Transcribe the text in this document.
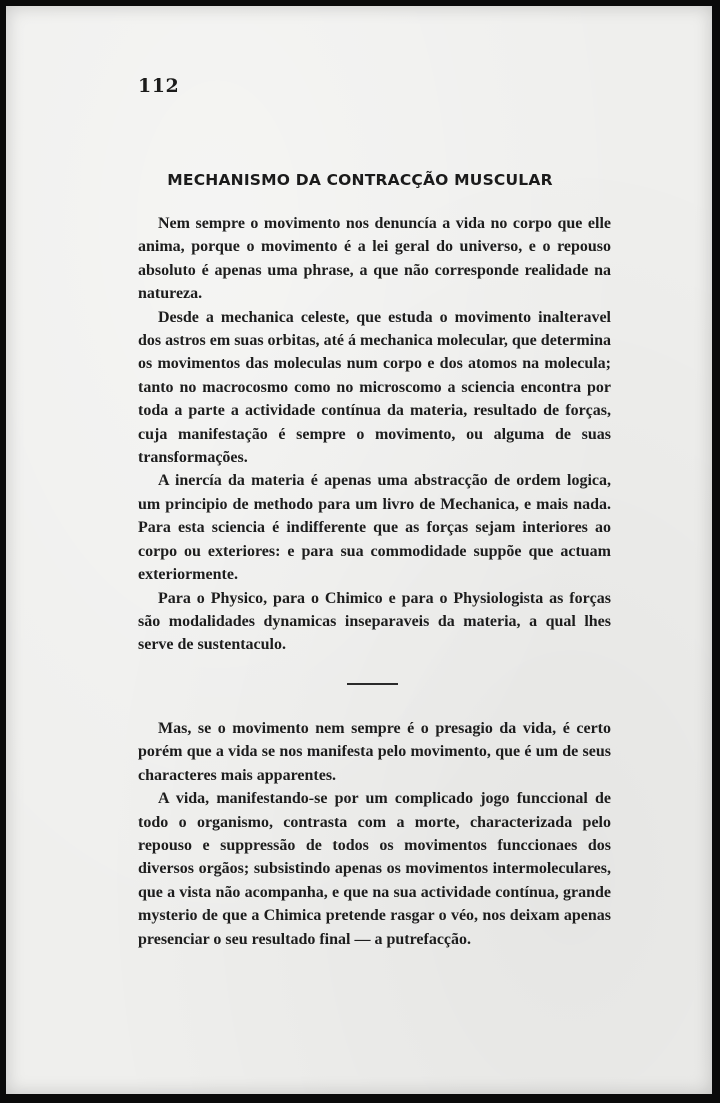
112
MECHANISMO DA CONTRACÇÃO MUSCULAR

Nem sempre o movimento nos denuncía a vida no corpo que elle anima, porque o movimento é a lei geral do universo, e o repouso absoluto é apenas uma phrase, a que não corresponde realidade na natureza.

Desde a mechanica celeste, que estuda o movimento inalteravel dos astros em suas orbitas, até á mechanica molecular, que determina os movimentos das moleculas num corpo e dos atomos na molecula; tanto no macrocosmo como no microscomo a sciencia encontra por toda a parte a actividade contínua da materia, resultado de forças, cuja manifestação é sempre o movimento, ou alguma de suas transformações.

A inercía da materia é apenas uma abstracção de ordem logica, um principio de methodo para um livro de Mechanica, e mais nada. Para esta sciencia é indifferente que as forças sejam interiores ao corpo ou exteriores: e para sua commodidade suppõe que actuam exteriormente.

Para o Physico, para o Chimico e para o Physiologista as forças são modalidades dynamicas inseparaveis da materia, a qual lhes serve de sustentaculo.

Mas, se o movimento nem sempre é o presagio da vida, é certo porém que a vida se nos manifesta pelo movimento, que é um de seus characteres mais apparentes.

A vida, manifestando-se por um complicado jogo funccional de todo o organismo, contrasta com a morte, characterizada pelo repouso e suppressão de todos os movimentos funccionaes dos diversos orgãos; subsistindo apenas os movimentos intermoleculares, que a vista não acompanha, e que na sua actividade contínua, grande mysterio de que a Chimica pretende rasgar o véo, nos deixam apenas presenciar o seu resultado final — a putrefacção.
